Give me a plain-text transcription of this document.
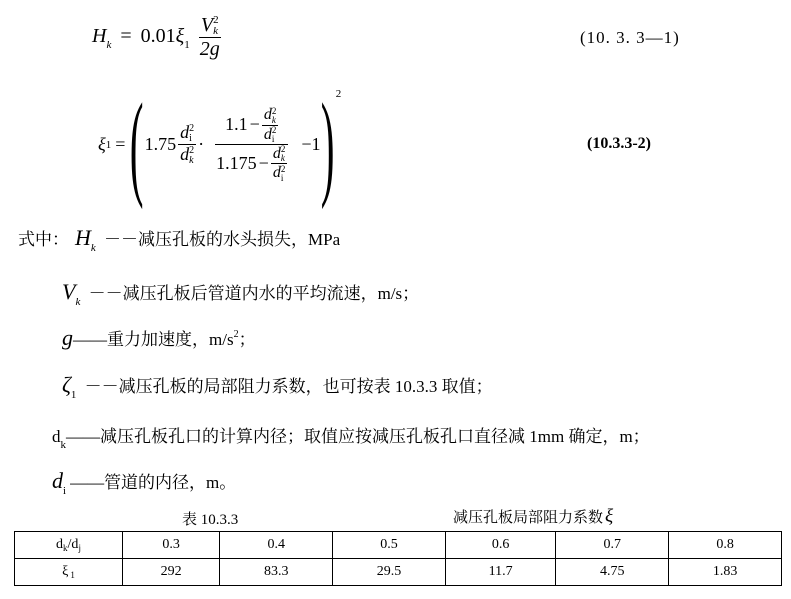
$H_k = 0.01\xi_1$ V 2
k
2g	(10. 3. 3—1)
ξ 1 = ( 1.75 d 2
i
d 2
k · 1.1 − d 2
k
d 2
i
1.175 − d 2
k
d 2
i −1 ) 2
(10.3.3-2)
式中： $H_k$ －－减压孔板的水头损失，MPa
$V_k$ －－减压孔板后管道内水的平均流速，m/s；
g——重力加速度，$m/s^2$；
$\zeta_1$ －－减压孔板的局部阻力系数，也可按表 10.3.3 取值；
$d_k——$减压孔板孔口的计算内径；取值应按减压孔板孔口直径减 1mm 确定，m；
$d_i$ ——管道的内径，m。
表 10.3.3	减压孔板局部阻力系数 ξ
$d_k/d_j$	0.3	0.4	0.5	0.6	0.7	0.8
ξ $_1$	292	83.3	29.5	11.7	4.75	1.83
